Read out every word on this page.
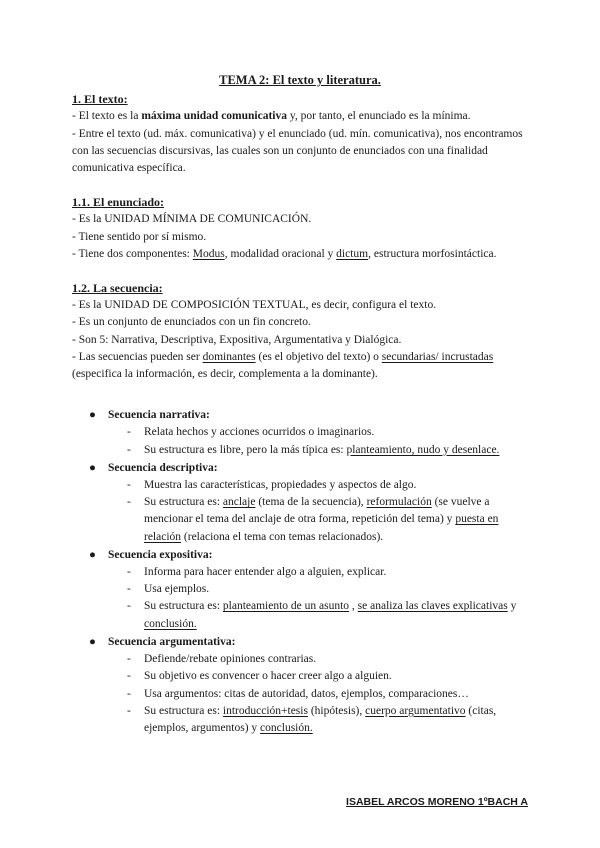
TEMA 2: El texto y literatura.

1. El texto:

- El texto es la máxima unidad comunicativa y, por tanto, el enunciado es la mínima.

- Entre el texto (ud. máx. comunicativa) y el enunciado (ud. mín. comunicativa), nos encontramos con las secuencias discursivas, las cuales son un conjunto de enunciados con una finalidad comunicativa específica.

1.1. El enunciado:

- Es la UNIDAD MÍNIMA DE COMUNICACIÓN.

- Tiene sentido por sí mismo.

- Tiene dos componentes: Modus, modalidad oracional y dictum, estructura morfosintáctica.

1.2. La secuencia:

- Es la UNIDAD DE COMPOSICIÓN TEXTUAL, es decir, configura el texto.

- Es un conjunto de enunciados con un fin concreto.

- Son 5: Narrativa, Descriptiva, Expositiva, Argumentativa y Dialógica.

- Las secuencias pueden ser dominantes (es el objetivo del texto) o secundarias/ incrustadas (especifica la información, es decir, complementa a la dominante).

● Secuencia narrativa:

- Relata hechos y acciones ocurridos o imaginarios.

- Su estructura es libre, pero la más típica es: planteamiento, nudo y desenlace.

● Secuencia descriptiva:

- Muestra las características, propiedades y aspectos de algo.

- Su estructura es: anclaje (tema de la secuencia), reformulación (se vuelve a mencionar el tema del anclaje de otra forma, repetición del tema) y puesta en relación (relaciona el tema con temas relacionados).

● Secuencia expositiva:

- Informa para hacer entender algo a alguien, explicar.

- Usa ejemplos.

- Su estructura es: planteamiento de un asunto , se analiza las claves explicativas y conclusión.

● Secuencia argumentativa:

- Defiende/rebate opiniones contrarias.

- Su objetivo es convencer o hacer creer algo a alguien.

- Usa argumentos: citas de autoridad, datos, ejemplos, comparaciones…

- Su estructura es: introducción+tesis (hipótesis), cuerpo argumentativo (citas, ejemplos, argumentos) y conclusión.

ISABEL ARCOS MORENO 1ºBACH A
